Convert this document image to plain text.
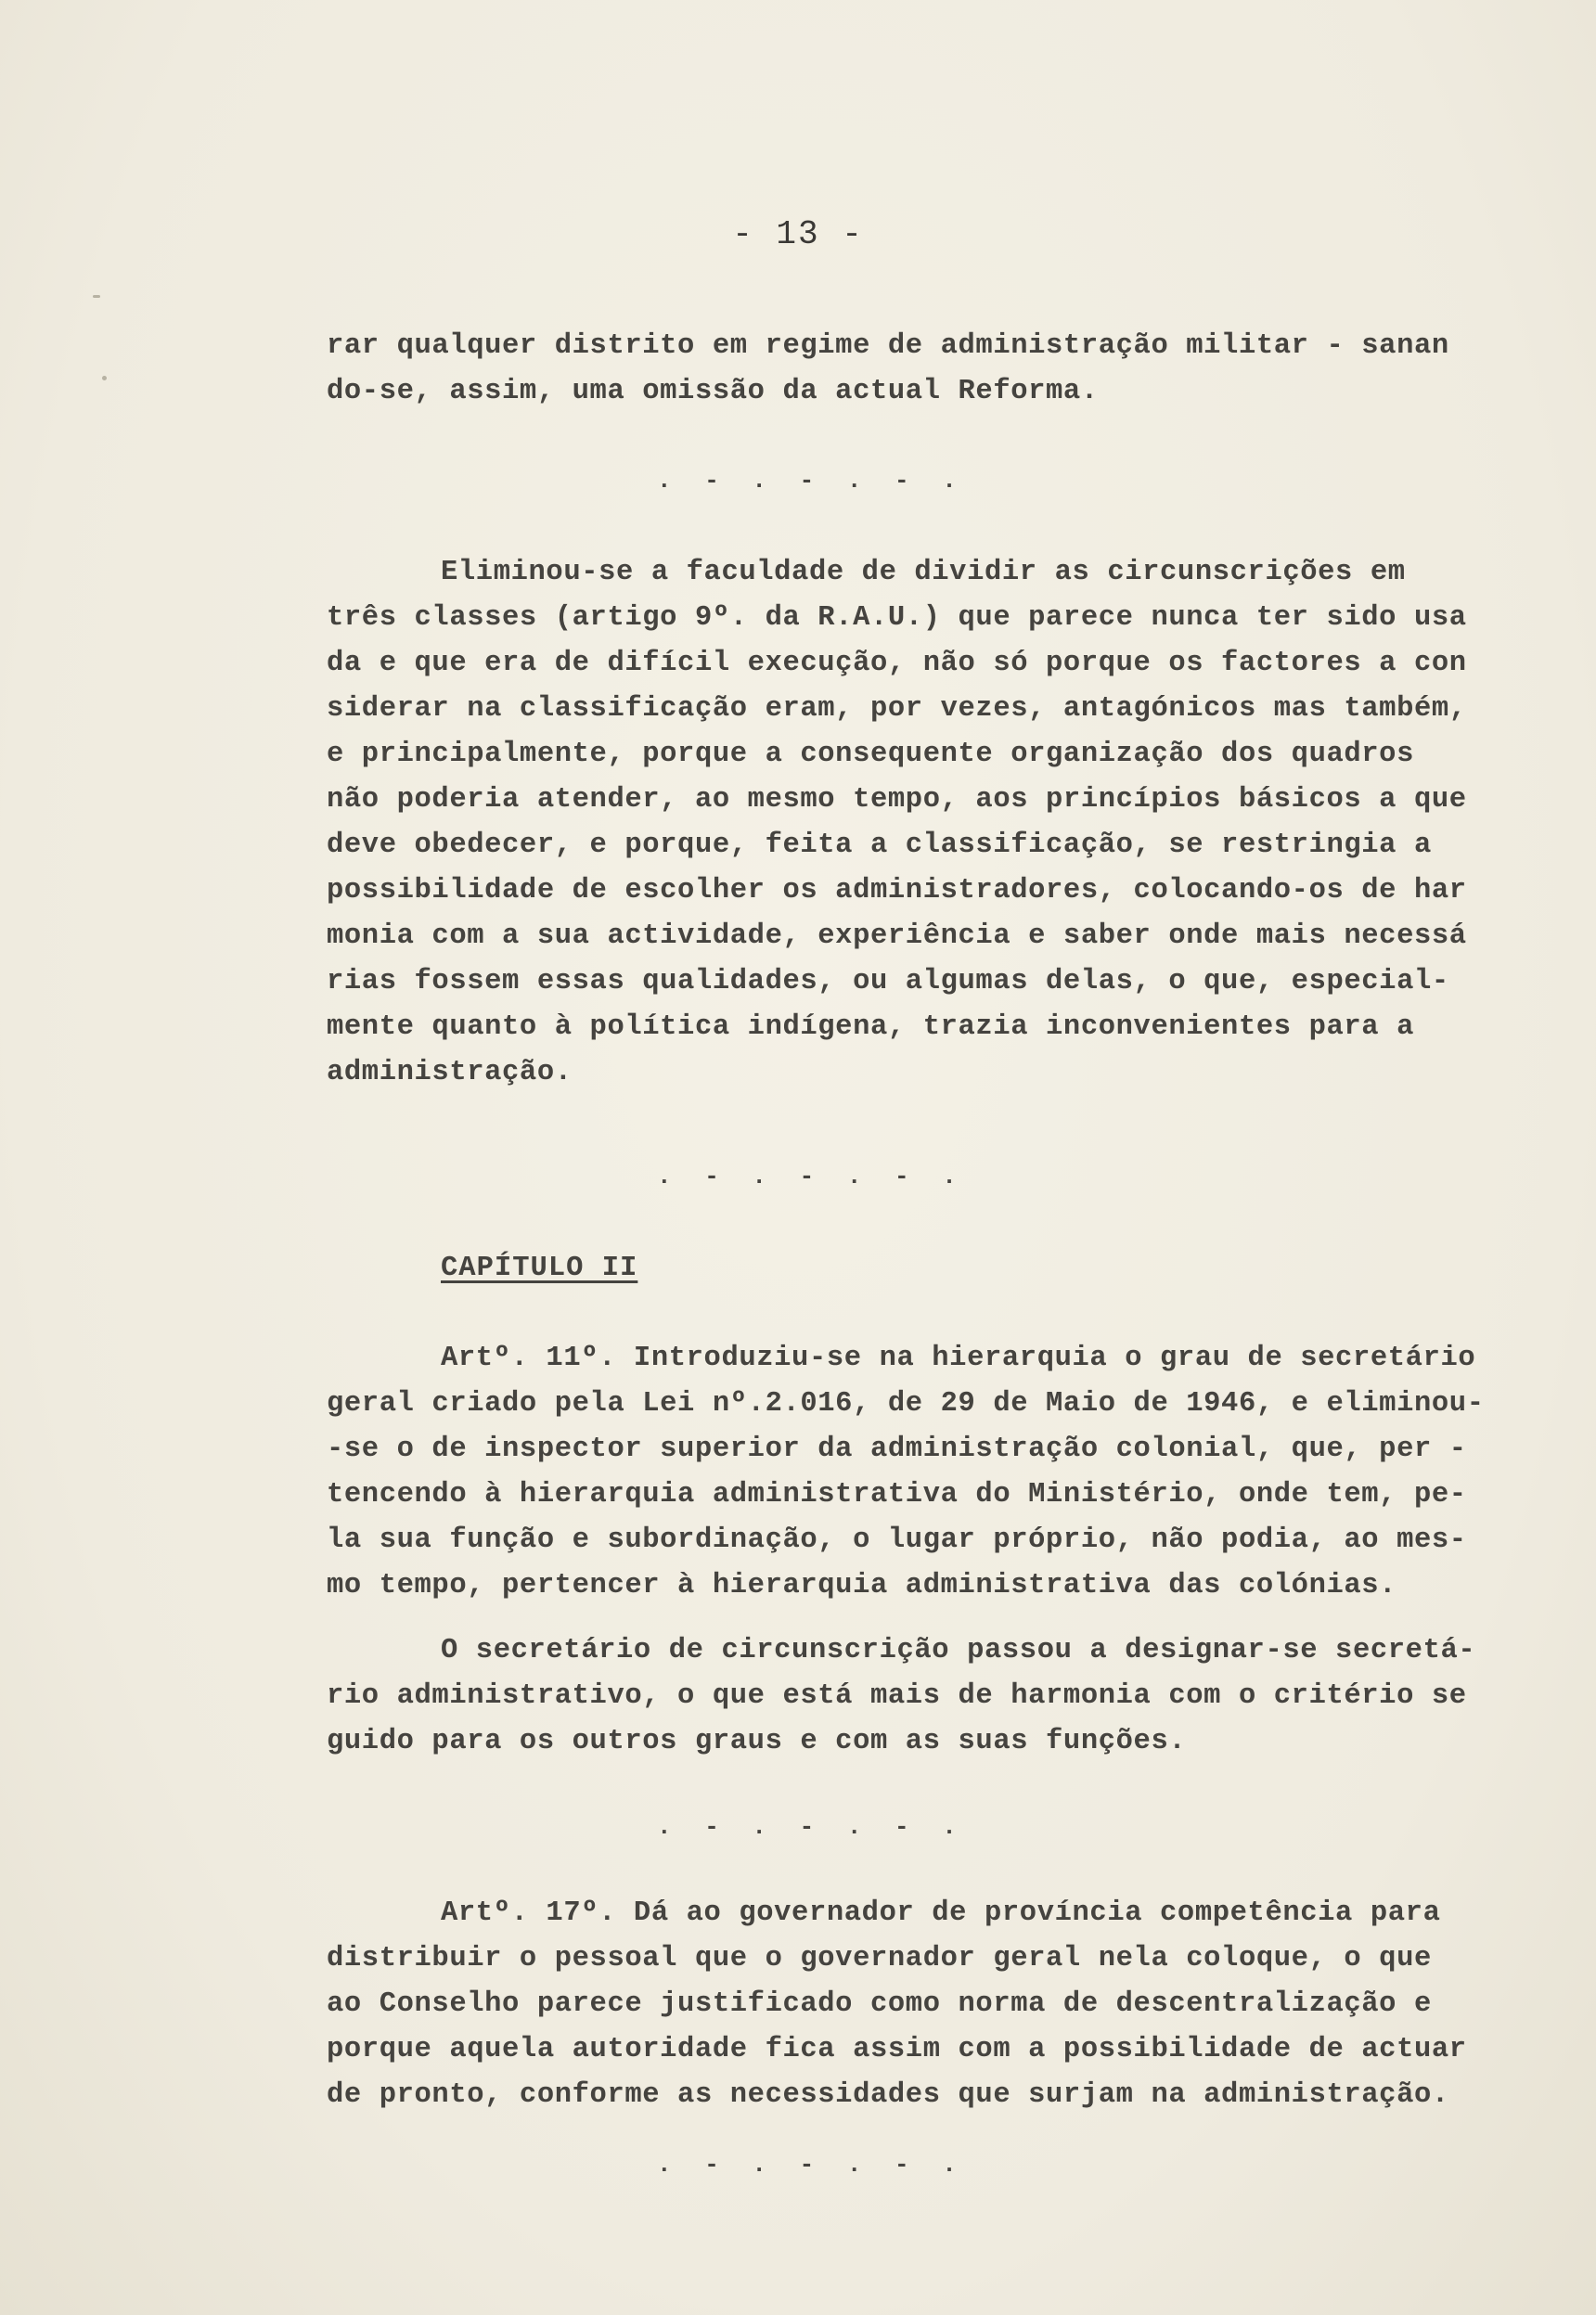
- 13 -
rar qualquer distrito em regime de administração militar - sanan
do-se, assim, uma omissão da actual Reforma.
. - . - . - .
Eliminou-se a faculdade de dividir as circunscrições em
três classes (artigo 9º. da R.A.U.) que parece nunca ter sido usa
da e que era de difícil execução, não só porque os factores a con
siderar na classificação eram, por vezes, antagónicos mas também,
e principalmente, porque a consequente organização dos quadros
não poderia atender, ao mesmo tempo, aos princípios básicos a que
deve obedecer, e porque, feita a classificação, se restringia a
possibilidade de escolher os administradores, colocando-os de har
monia com a sua actividade, experiência e saber onde mais necessá
rias fossem essas qualidades, ou algumas delas, o que, especial-
mente quanto à política indígena, trazia inconvenientes para a
administração.
. - . - . - .
CAPÍTULO II
Artº. 11º. Introduziu-se na hierarquia o grau de secretário
geral criado pela Lei nº.2.016, de 29 de Maio de 1946, e eliminou-
-se o de inspector superior da administração colonial, que, per -
tencendo à hierarquia administrativa do Ministério, onde tem, pe-
la sua função e subordinação, o lugar próprio, não podia, ao mes-
mo tempo, pertencer à hierarquia administrativa das colónias.
O secretário de circunscrição passou a designar-se secretá-
rio administrativo, o que está mais de harmonia com o critério se
guido para os outros graus e com as suas funções.
. - . - . - .
Artº. 17º. Dá ao governador de província competência para
distribuir o pessoal que o governador geral nela coloque, o que
ao Conselho parece justificado como norma de descentralização e
porque aquela autoridade fica assim com a possibilidade de actuar
de pronto, conforme as necessidades que surjam na administração.
. - . - . - .
